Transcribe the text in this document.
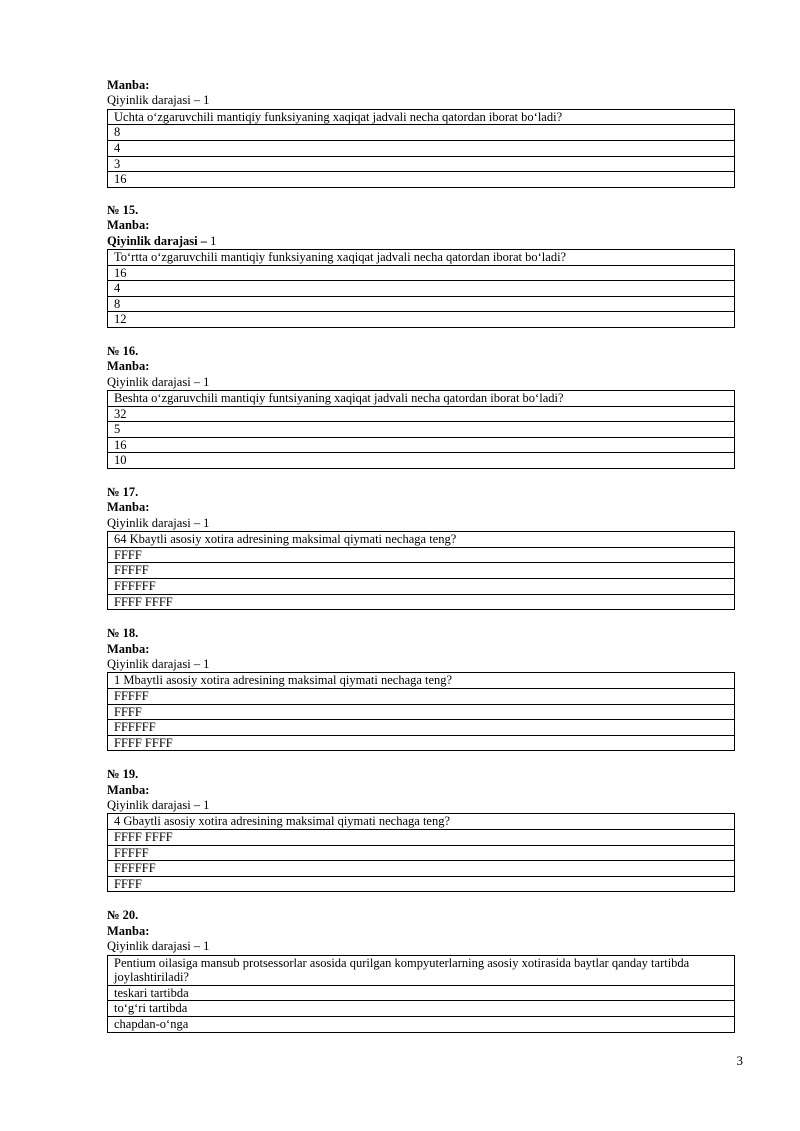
Manba:
Qiyinlik darajasi – 1
Uchta oʻzgaruvchili mantiqiy funksiyaning xaqiqat jadvali necha qatordan iborat boʻladi?
8
4
3
16
№ 15.
Manba:
Qiyinlik darajasi – 1
Toʻrtta oʻzgaruvchili mantiqiy funksiyaning xaqiqat jadvali necha qatordan iborat boʻladi?
16
4
8
12
№ 16.
Manba:
Qiyinlik darajasi – 1
Beshta oʻzgaruvchili mantiqiy funtsiyaning xaqiqat jadvali necha qatordan iborat boʻladi?
32
5
16
10
№ 17.
Manba:
Qiyinlik darajasi – 1
64 Kbaytli asosiy xotira adresining maksimal qiymati nechaga teng?
FFFF
FFFFF
FFFFFF
FFFF FFFF
№ 18.
Manba:
Qiyinlik darajasi – 1
1 Mbaytli asosiy xotira adresining maksimal qiymati nechaga teng?
FFFFF
FFFF
FFFFFF
FFFF FFFF
№ 19.
Manba:
Qiyinlik darajasi – 1
4 Gbaytli asosiy xotira adresining maksimal qiymati nechaga teng?
FFFF FFFF
FFFFF
FFFFFF
FFFF
№ 20.
Manba:
Qiyinlik darajasi – 1
Pentium oilasiga mansub protsessorlar asosida qurilgan kompyuterlarning asosiy xotirasida baytlar qanday tartibda joylashtiriladi?
teskari tartibda
toʻgʻri tartibda
chapdan-oʻnga
3
